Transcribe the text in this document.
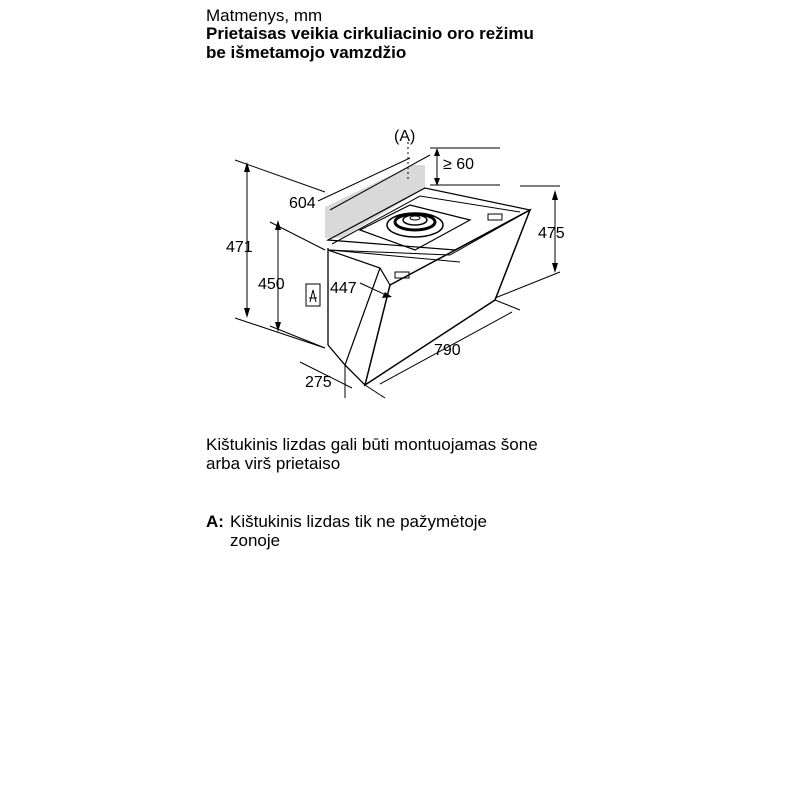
Matmenys, mm
Prietaisas veikia cirkuliacinio oro režimu
be išmetamojo vamzdžio
604
471
450	447
475
790
275
≥ 60
(A)
Kištukinis lizdas gali būti montuojamas šone
arba virš prietaiso
A: Kištukinis lizdas tik ne pažymėtoje
zonoje
